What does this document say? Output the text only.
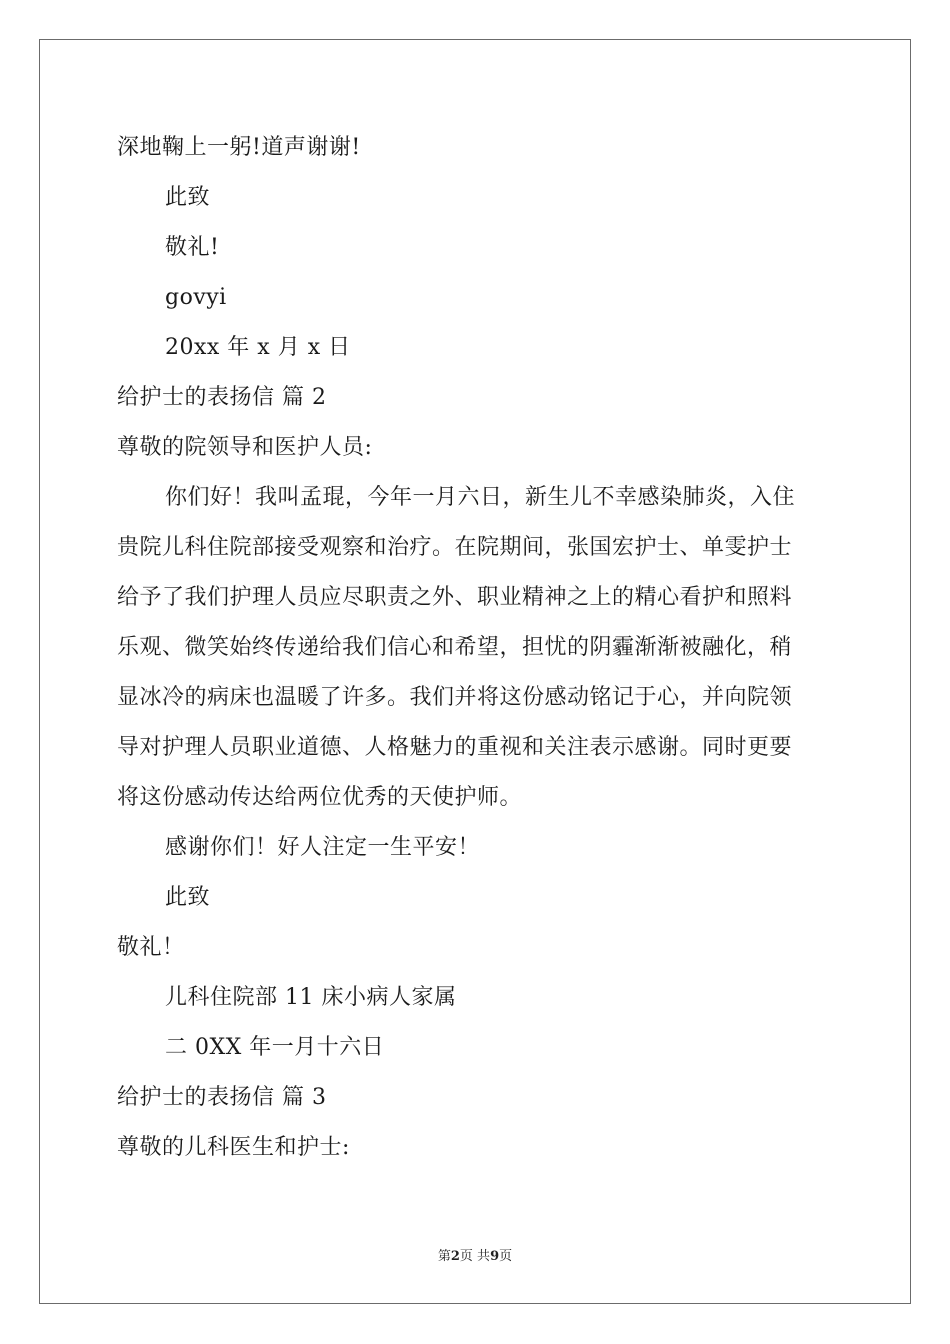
深地鞠上一躬!道声谢谢!
此致
敬礼!
govyi
20xx 年 x 月 x 日
给护士的表扬信 篇 2
尊敬的院领导和医护人员:
你们好！我叫孟琨，今年一月六日，新生儿不幸感染肺炎，入住
贵院儿科住院部接受观察和治疗。在院期间，张国宏护士、单雯护士
给予了我们护理人员应尽职责之外、职业精神之上的精心看护和照料
乐观、微笑始终传递给我们信心和希望，担忧的阴霾渐渐被融化，稍
显冰冷的病床也温暖了许多。我们并将这份感动铭记于心，并向院领
导对护理人员职业道德、人格魅力的重视和关注表示感谢。同时更要
将这份感动传达给两位优秀的天使护师。
感谢你们！好人注定一生平安！
此致
敬礼！
儿科住院部 11 床小病人家属
二 0XX 年一月十六日
给护士的表扬信 篇 3
尊敬的儿科医生和护士:
第2页 共9页
